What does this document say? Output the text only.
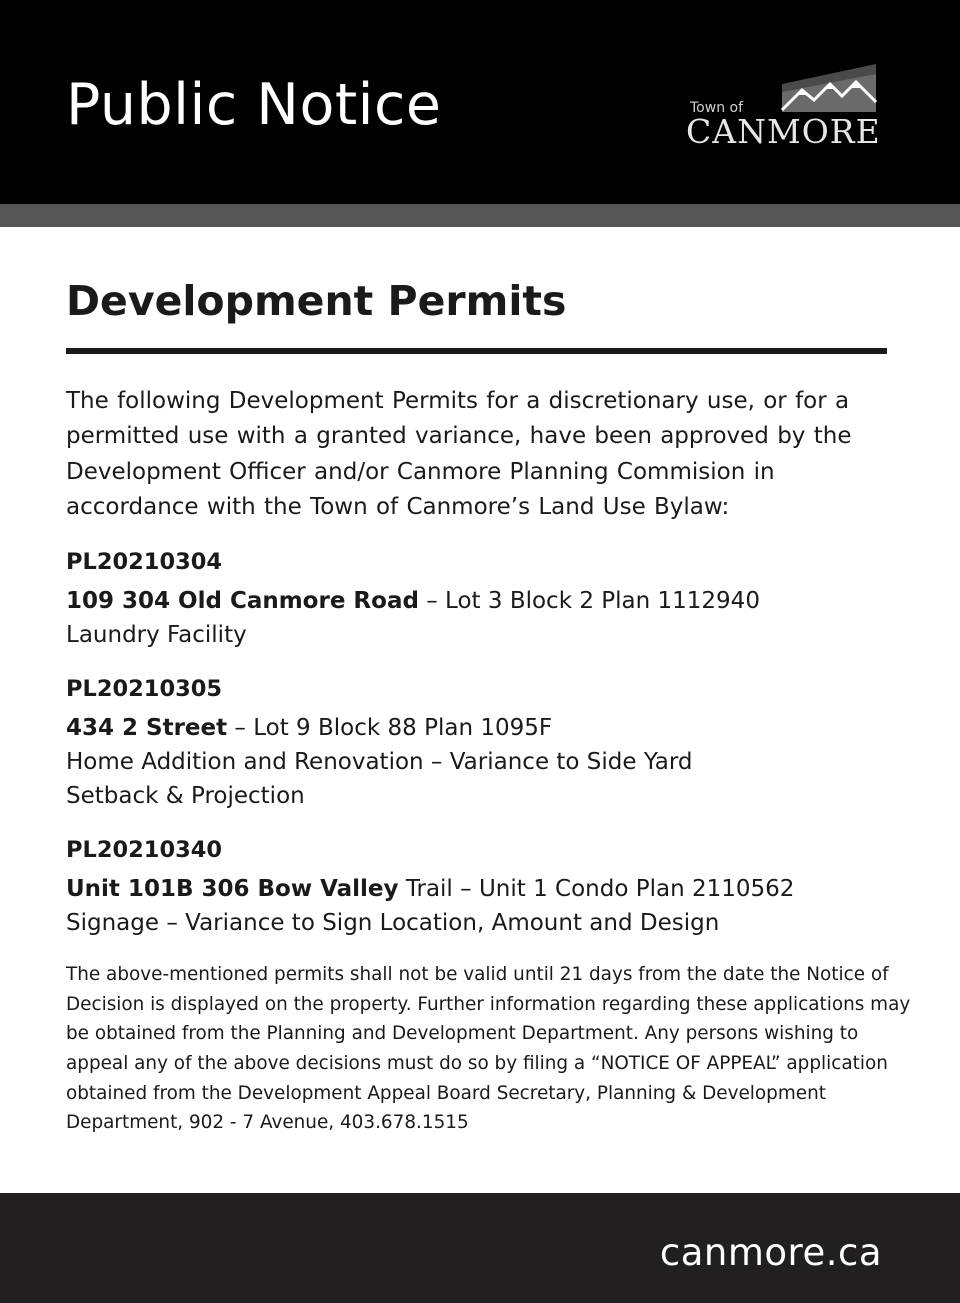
Public Notice	Town of
CANMORE
Development Permits

The following Development Permits for a discretionary use, or for a permitted use with a granted variance, have been approved by the Development Officer and/or Canmore Planning Commision in accordance with the Town of Canmore’s Land Use Bylaw:

PL20210304
109 304 Old Canmore Road – Lot 3 Block 2 Plan 1112940
Laundry Facility
PL20210305
434 2 Street – Lot 9 Block 88 Plan 1095F
Home Addition and Renovation – Variance to Side Yard Setback & Projection
PL20210340
Unit 101B 306 Bow Valley Trail – Unit 1 Condo Plan 2110562
Signage – Variance to Sign Location, Amount and Design

The above-mentioned permits shall not be valid until 21 days from the date the Notice of Decision is displayed on the property. Further information regarding these applications may be obtained from the Planning and Development Department. Any persons wishing to appeal any of the above decisions must do so by filing a “NOTICE OF APPEAL” application obtained from the Development Appeal Board Secretary, Planning & Development Department, 902 - 7 Avenue, 403.678.1515

canmore.ca
